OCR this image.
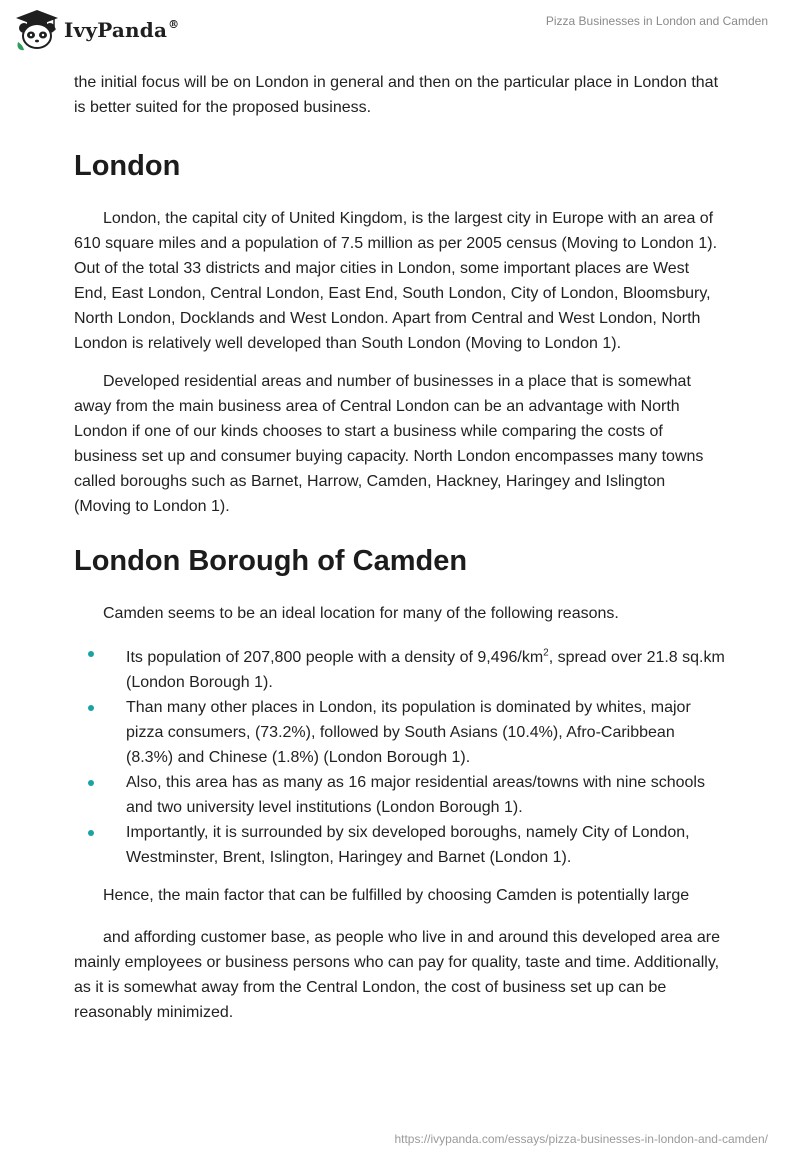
IvyPanda®	Pizza Businesses in London and Camden

the initial focus will be on London in general and then on the particular place in London that is better suited for the proposed business.

London

London, the capital city of United Kingdom, is the largest city in Europe with an area of 610 square miles and a population of 7.5 million as per 2005 census (Moving to London 1). Out of the total 33 districts and major cities in London, some important places are West End, East London, Central London, East End, South London, City of London, Bloomsbury, North London, Docklands and West London. Apart from Central and West London, North London is relatively well developed than South London (Moving to London 1).

Developed residential areas and number of businesses in a place that is somewhat away from the main business area of Central London can be an advantage with North London if one of our kinds chooses to start a business while comparing the costs of business set up and consumer buying capacity. North London encompasses many towns called boroughs such as Barnet, Harrow, Camden, Hackney, Haringey and Islington (Moving to London 1).

London Borough of Camden

Camden seems to be an ideal location for many of the following reasons.

Its population of 207,800 people with a density of $9,496/km^2$, spread over 21.8 sq.km (London Borough 1).
Than many other places in London, its population is dominated by whites, major pizza consumers, (73.2%), followed by South Asians (10.4%), Afro-Caribbean (8.3%) and Chinese (1.8%) (London Borough 1).
Also, this area has as many as 16 major residential areas/towns with nine schools and two university level institutions (London Borough 1).
Importantly, it is surrounded by six developed boroughs, namely City of London, Westminster, Brent, Islington, Haringey and Barnet (London 1).

Hence, the main factor that can be fulfilled by choosing Camden is potentially large

and affording customer base, as people who live in and around this developed area are mainly employees or business persons who can pay for quality, taste and time. Additionally, as it is somewhat away from the Central London, the cost of business set up can be reasonably minimized.

https://ivypanda.com/essays/pizza-businesses-in-london-and-camden/
